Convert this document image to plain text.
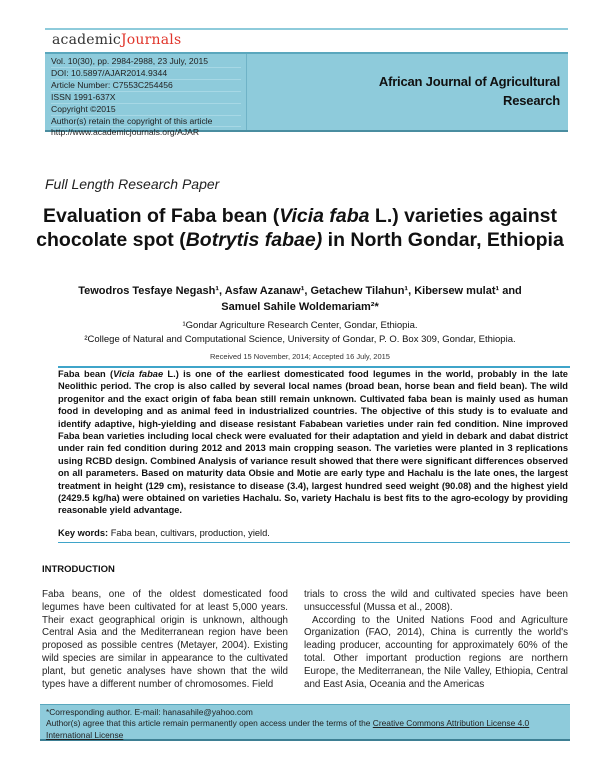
academicJournals
Vol. 10(30), pp. 2984-2988, 23 July, 2015
DOI: 10.5897/AJAR2014.9344
Article Number: C7553C254456
ISSN 1991-637X
Copyright ©2015
Author(s) retain the copyright of this article
http://www.academicjournals.org/AJAR
African Journal of Agricultural
Research
Full Length Research Paper
Evaluation of Faba bean (Vicia faba L.) varieties against chocolate spot (Botrytis fabae) in North Gondar, Ethiopia
Tewodros Tesfaye Negash¹, Asfaw Azanaw¹, Getachew Tilahun¹, Kibersew mulat¹ and Samuel Sahile Woldemariam²*
¹Gondar Agriculture Research Center, Gondar, Ethiopia.
²College of Natural and Computational Science, University of Gondar, P. O. Box 309, Gondar, Ethiopia.
Received 15 November, 2014; Accepted 16 July, 2015
Faba bean (Vicia fabae L.) is one of the earliest domesticated food legumes in the world, probably in the late Neolithic period. The crop is also called by several local names (broad bean, horse bean and field bean). The wild progenitor and the exact origin of faba bean still remain unknown. Cultivated faba bean is mainly used as human food in developing and as animal feed in industrialized countries. The objective of this study is to evaluate and identify adaptive, high-yielding and disease resistant Fababean varieties under rain fed condition. Nine improved Faba bean varieties including local check were evaluated for their adaptation and yield in debark and dabat district under rain fed condition during 2012 and 2013 main cropping season. The varieties were planted in 3 replications using RCBD design. Combined Analysis of variance result showed that there were significant differences observed on all parameters. Based on maturity data Obsie and Motie are early type and Hachalu is the late ones, the largest treatment in height (129 cm), resistance to disease (3.4), largest hundred seed weight (90.08) and the highest yield (2429.5 kg/ha) were obtained on varieties Hachalu. So, variety Hachalu is best fits to the agro-ecology by providing reasonable yield advantage.
Key words: Faba bean, cultivars, production, yield.
INTRODUCTION
Faba beans, one of the oldest domesticated food legumes have been cultivated for at least 5,000 years. Their exact geographical origin is unknown, although Central Asia and the Mediterranean region have been proposed as possible centres (Metayer, 2004). Existing wild species are similar in appearance to the cultivated plant, but genetic analyses have shown that the wild types have a different number of chromosomes. Field

trials to cross the wild and cultivated species have been unsuccessful (Mussa et al., 2008).

According to the United Nations Food and Agriculture Organization (FAO, 2014), China is currently the world's leading producer, accounting for approximately 60% of the total. Other important production regions are northern Europe, the Mediterranean, the Nile Valley, Ethiopia, Central and East Asia, Oceania and the Americas

*Corresponding author. E-mail: hanasahile@yahoo.com
Author(s) agree that this article remain permanently open access under the terms of the Creative Commons Attribution License 4.0 International License
